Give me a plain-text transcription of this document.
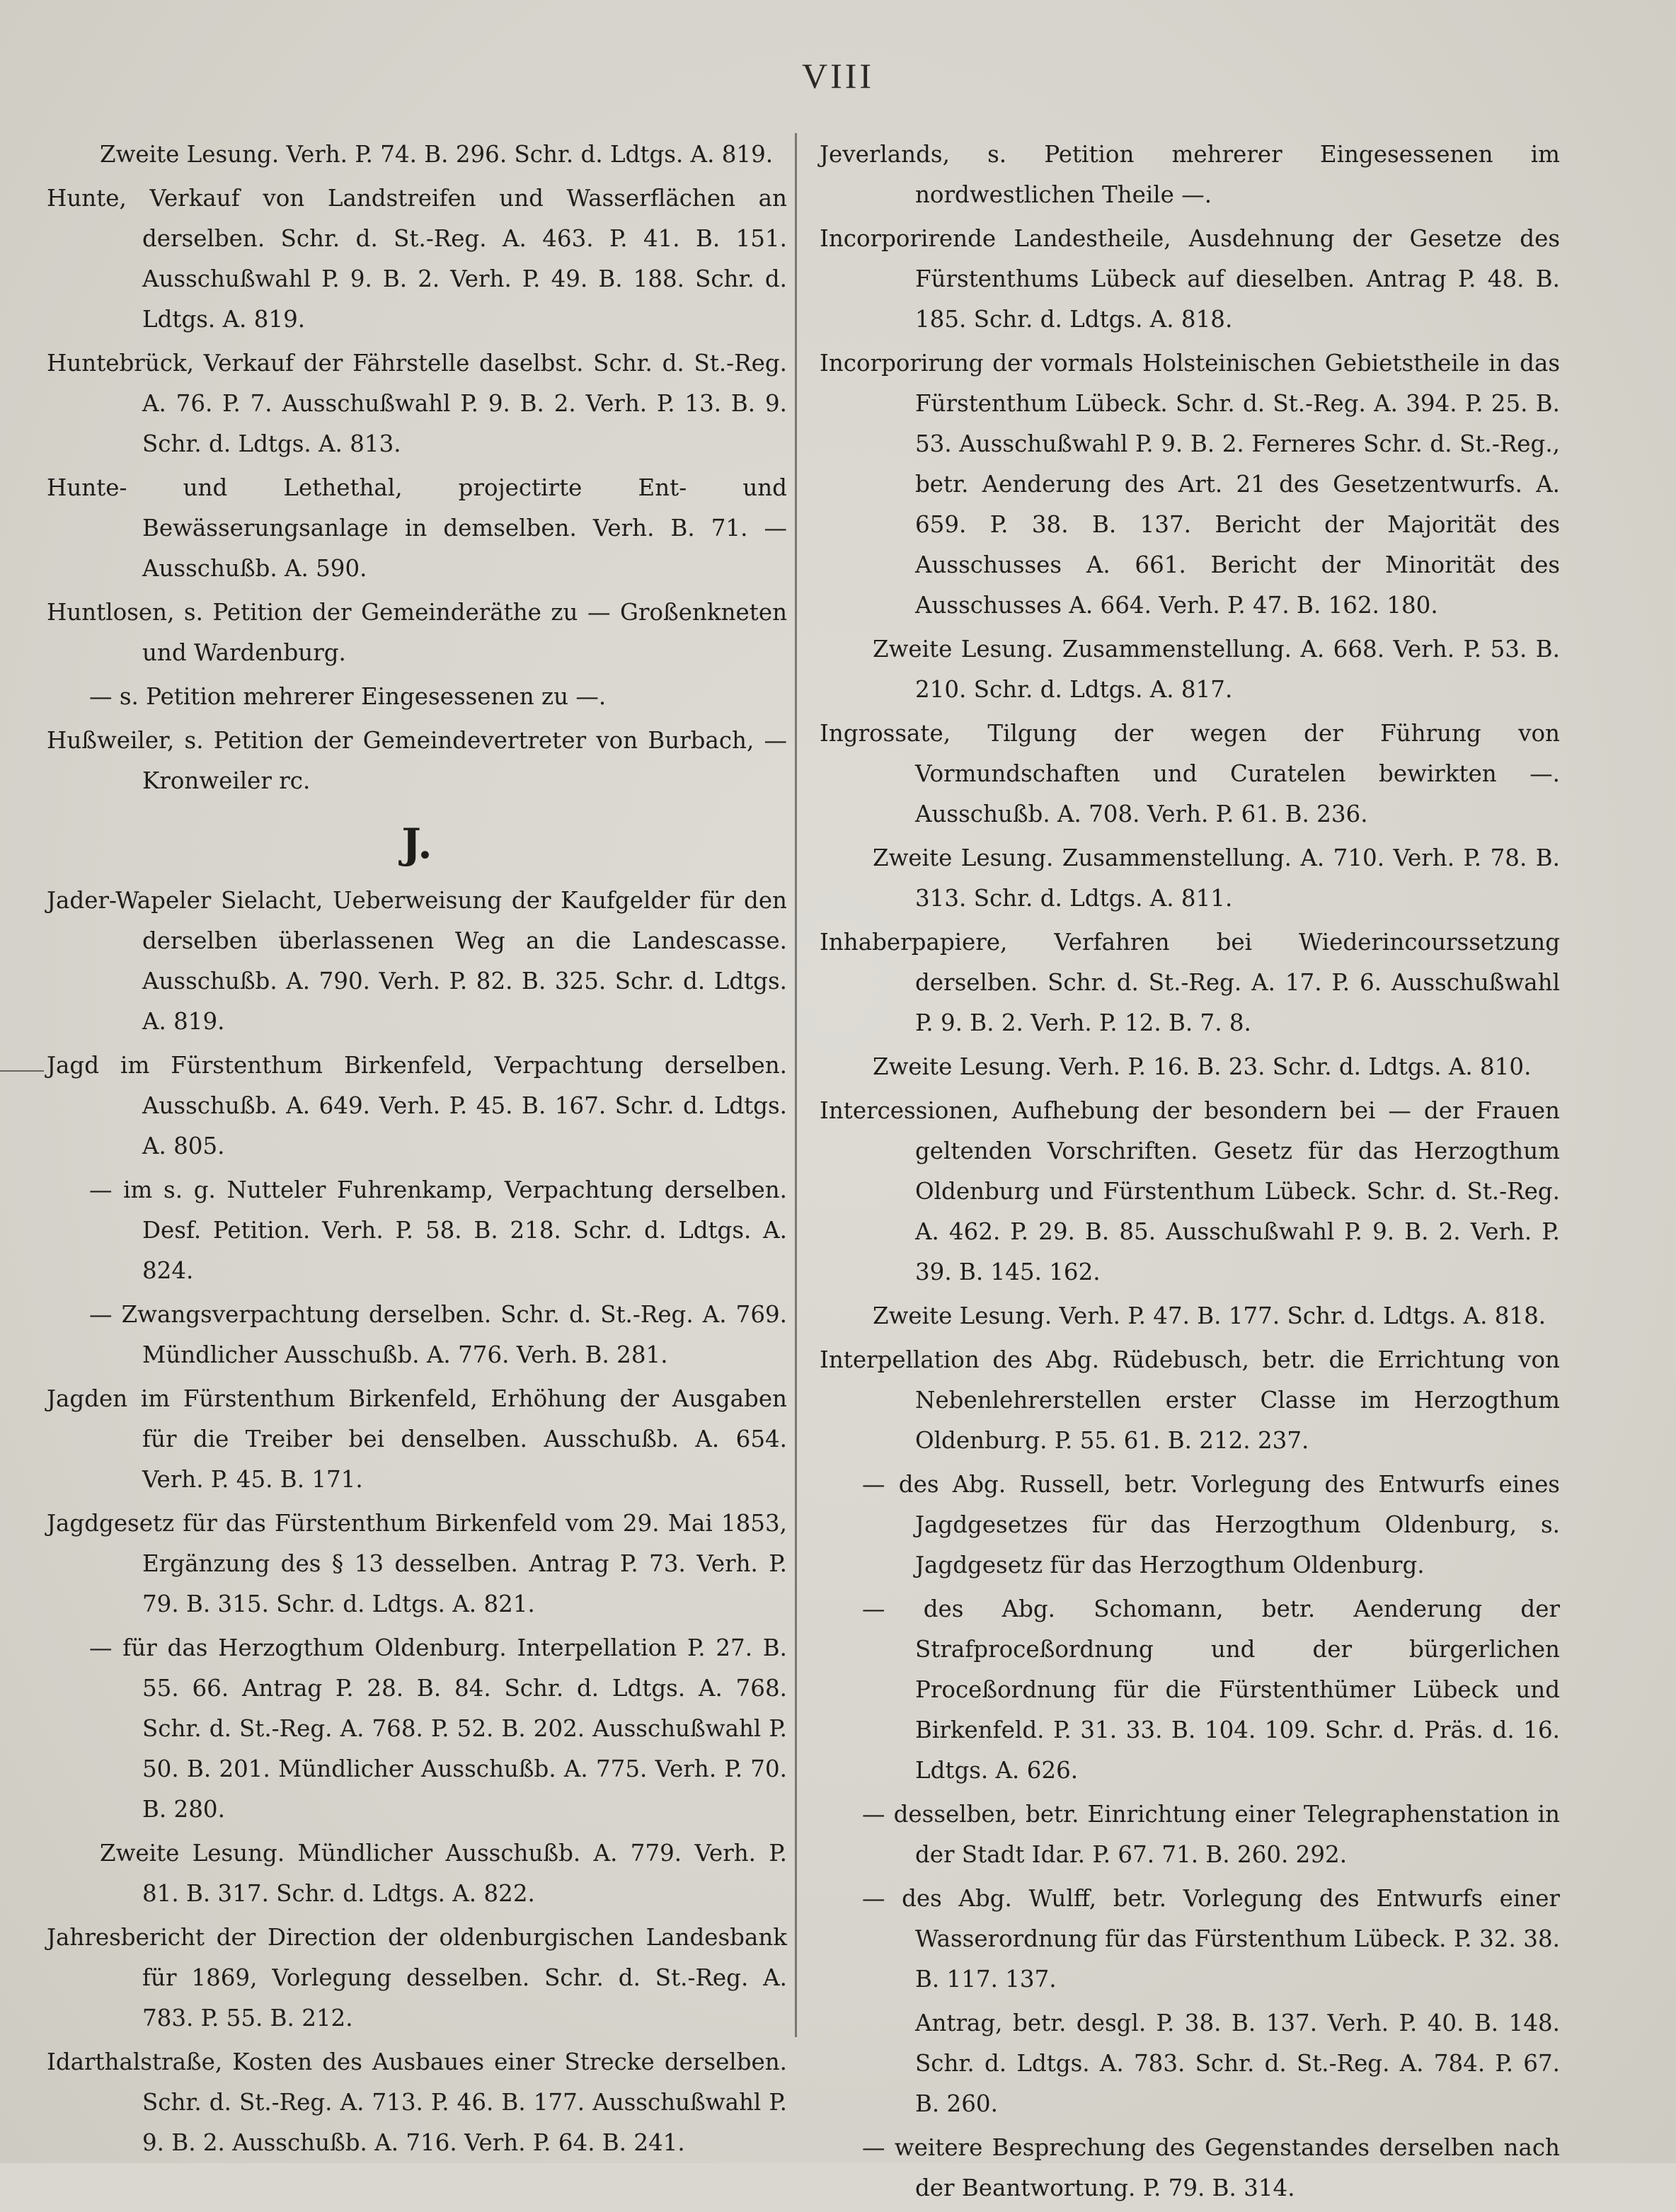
VIII

Zweite Lesung. Verh. P. 74. B. 296. Schr. d. Ldtgs. A. 819.

Hunte, Verkauf von Landstreifen und Wasserflächen an derselben. Schr. d. St.-Reg. A. 463. P. 41. B. 151. Ausschußwahl P. 9. B. 2. Verh. P. 49. B. 188. Schr. d. Ldtgs. A. 819.

Huntebrück, Verkauf der Fährstelle daselbst. Schr. d. St.-Reg. A. 76. P. 7. Ausschußwahl P. 9. B. 2. Verh. P. 13. B. 9. Schr. d. Ldtgs. A. 813.

Hunte- und Lethethal, projectirte Ent- und Bewässerungsanlage in demselben. Verh. B. 71. — Ausschußb. A. 590.

Huntlosen, s. Petition der Gemeinderäthe zu — Großenkneten und Wardenburg.

— s. Petition mehrerer Eingesessenen zu —.

Hußweiler, s. Petition der Gemeindevertreter von Burbach, — Kronweiler rc.

J.

Jader-Wapeler Sielacht, Ueberweisung der Kaufgelder für den derselben überlassenen Weg an die Landescasse. Ausschußb. A. 790. Verh. P. 82. B. 325. Schr. d. Ldtgs. A. 819.

Jagd im Fürstenthum Birkenfeld, Verpachtung derselben. Ausschußb. A. 649. Verh. P. 45. B. 167. Schr. d. Ldtgs. A. 805.

— im s. g. Nutteler Fuhrenkamp, Verpachtung derselben. Desf. Petition. Verh. P. 58. B. 218. Schr. d. Ldtgs. A. 824.

— Zwangsverpachtung derselben. Schr. d. St.-Reg. A. 769. Mündlicher Ausschußb. A. 776. Verh. B. 281.

Jagden im Fürstenthum Birkenfeld, Erhöhung der Ausgaben für die Treiber bei denselben. Ausschußb. A. 654. Verh. P. 45. B. 171.

Jagdgesetz für das Fürstenthum Birkenfeld vom 29. Mai 1853, Ergänzung des § 13 desselben. Antrag P. 73. Verh. P. 79. B. 315. Schr. d. Ldtgs. A. 821.

— für das Herzogthum Oldenburg. Interpellation P. 27. B. 55. 66. Antrag P. 28. B. 84. Schr. d. Ldtgs. A. 768. Schr. d. St.-Reg. A. 768. P. 52. B. 202. Ausschußwahl P. 50. B. 201. Mündlicher Ausschußb. A. 775. Verh. P. 70. B. 280.

Zweite Lesung. Mündlicher Ausschußb. A. 779. Verh. P. 81. B. 317. Schr. d. Ldtgs. A. 822.

Jahresbericht der Direction der oldenburgischen Landesbank für 1869, Vorlegung desselben. Schr. d. St.-Reg. A. 783. P. 55. B. 212.

Idarthalstraße, Kosten des Ausbaues einer Strecke derselben. Schr. d. St.-Reg. A. 713. P. 46. B. 177. Ausschußwahl P. 9. B. 2. Ausschußb. A. 716. Verh. P. 64. B. 241.

Jeverlands, s. Petition mehrerer Eingesessenen im nordwestlichen Theile —.

Incorporirende Landestheile, Ausdehnung der Gesetze des Fürstenthums Lübeck auf dieselben. Antrag P. 48. B. 185. Schr. d. Ldtgs. A. 818.

Incorporirung der vormals Holsteinischen Gebietstheile in das Fürstenthum Lübeck. Schr. d. St.-Reg. A. 394. P. 25. B. 53. Ausschußwahl P. 9. B. 2. Ferneres Schr. d. St.-Reg., betr. Aenderung des Art. 21 des Gesetzentwurfs. A. 659. P. 38. B. 137. Bericht der Majorität des Ausschusses A. 661. Bericht der Minorität des Ausschusses A. 664. Verh. P. 47. B. 162. 180.

Zweite Lesung. Zusammenstellung. A. 668. Verh. P. 53. B. 210. Schr. d. Ldtgs. A. 817.

Ingrossate, Tilgung der wegen der Führung von Vormundschaften und Curatelen bewirkten —. Ausschußb. A. 708. Verh. P. 61. B. 236.

Zweite Lesung. Zusammenstellung. A. 710. Verh. P. 78. B. 313. Schr. d. Ldtgs. A. 811.

Inhaberpapiere, Verfahren bei Wiederincourssetzung derselben. Schr. d. St.-Reg. A. 17. P. 6. Ausschußwahl P. 9. B. 2. Verh. P. 12. B. 7. 8.

Zweite Lesung. Verh. P. 16. B. 23. Schr. d. Ldtgs. A. 810.

Intercessionen, Aufhebung der besondern bei — der Frauen geltenden Vorschriften. Gesetz für das Herzogthum Oldenburg und Fürstenthum Lübeck. Schr. d. St.-Reg. A. 462. P. 29. B. 85. Ausschußwahl P. 9. B. 2. Verh. P. 39. B. 145. 162.

Zweite Lesung. Verh. P. 47. B. 177. Schr. d. Ldtgs. A. 818.

Interpellation des Abg. Rüdebusch, betr. die Errichtung von Nebenlehrerstellen erster Classe im Herzogthum Oldenburg. P. 55. 61. B. 212. 237.

— des Abg. Russell, betr. Vorlegung des Entwurfs eines Jagdgesetzes für das Herzogthum Oldenburg, s. Jagdgesetz für das Herzogthum Oldenburg.

— des Abg. Schomann, betr. Aenderung der Strafproceßordnung und der bürgerlichen Proceßordnung für die Fürstenthümer Lübeck und Birkenfeld. P. 31. 33. B. 104. 109. Schr. d. Präs. d. 16. Ldtgs. A. 626.

— desselben, betr. Einrichtung einer Telegraphenstation in der Stadt Idar. P. 67. 71. B. 260. 292.

— des Abg. Wulff, betr. Vorlegung des Entwurfs einer Wasserordnung für das Fürstenthum Lübeck. P. 32. 38. B. 117. 137.

Antrag, betr. desgl. P. 38. B. 137. Verh. P. 40. B. 148. Schr. d. Ldtgs. A. 783. Schr. d. St.-Reg. A. 784. P. 67. B. 260.

— weitere Besprechung des Gegenstandes derselben nach der Beantwortung. P. 79. B. 314.
